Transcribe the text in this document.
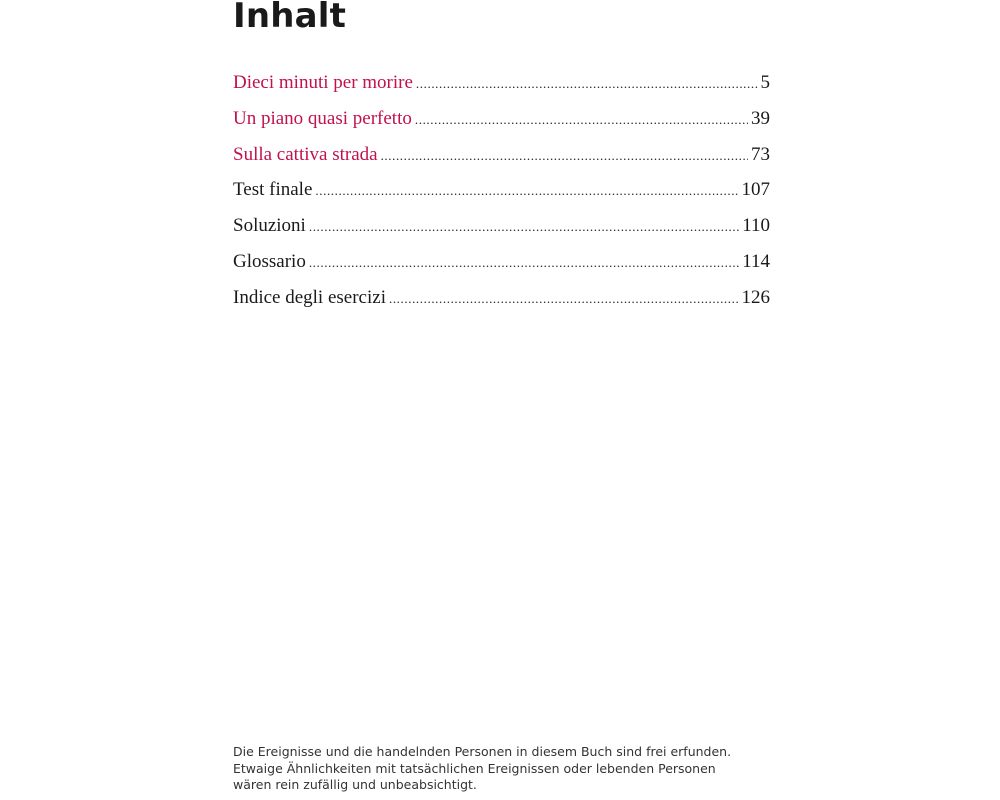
Inhalt
Dieci minuti per morire .....	5
Un piano quasi perfetto .....	39
Sulla cattiva strada .....	73
Test finale .....	107
Soluzioni .....	110
Glossario .....	114
Indice degli esercizi .....	126

Die Ereignisse und die handelnden Personen in diesem Buch sind frei erfunden.
Etwaige Ähnlichkeiten mit tatsächlichen Ereignissen oder lebenden Personen
wären rein zufällig und unbeabsichtigt.
